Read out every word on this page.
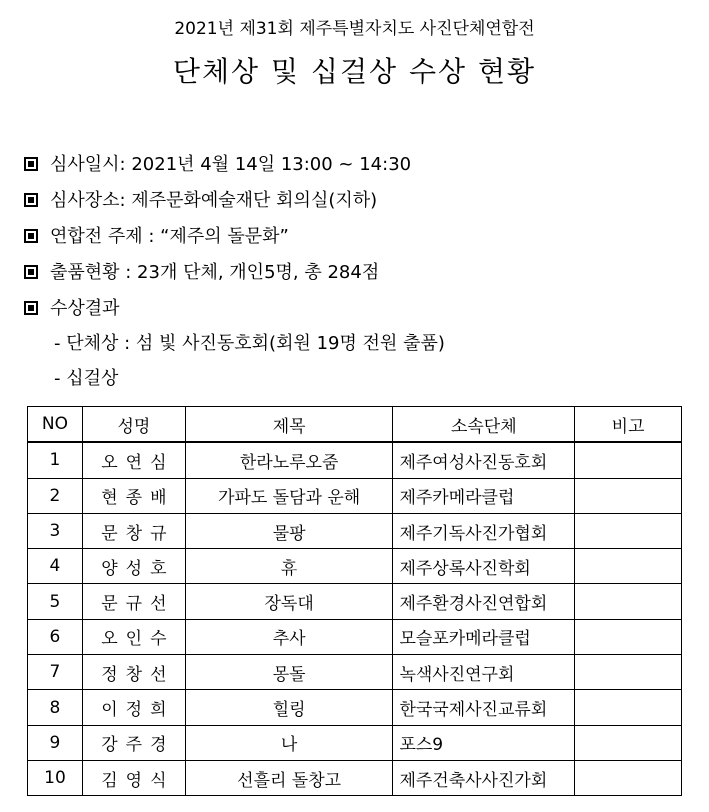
2021년 제31회 제주특별자치도 사진단체연합전
단체상 및 십걸상 수상 현황
심사일시: 2021년 4월 14일 13:00 ~ 14:30
심사장소: 제주문화예술재단 회의실(지하)
연합전 주제 : “제주의 돌문화”
출품현황 : 23개 단체, 개인5명, 총 284점
수상결과
- 단체상 : 섬 빛 사진동호회(회원 19명 전원 출품)
- 십걸상
NO	성명	제목	소속단체	비고
1	오연심	한라노루오줌	제주여성사진동호회	
2	현종배	가파도 돌담과 운해	제주카메라클럽	
3	문창규	물팡	제주기독사진가협회	
4	양성호	휴	제주상록사진학회	
5	문규선	장독대	제주환경사진연합회	
6	오인수	추사	모슬포카메라클럽	
7	정창선	몽돌	녹색사진연구회	
8	이정희	힐링	한국국제사진교류회	
9	강주경	나	포스9	
10	김영식	선흘리 돌창고	제주건축사사진가회	
